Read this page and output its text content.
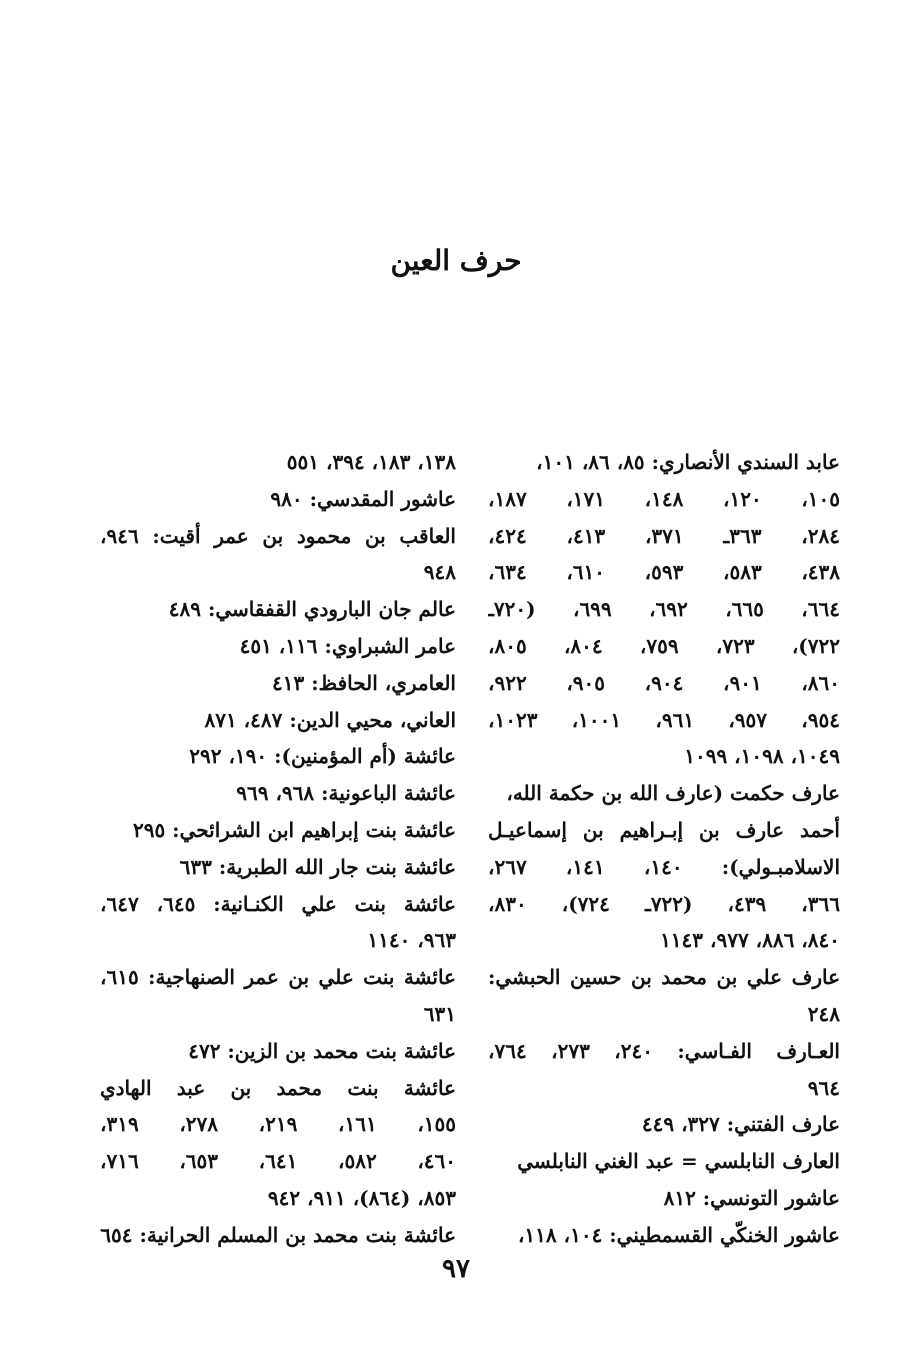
حرف العين
عابد السندي الأنصاري: ٨٥، ٨٦، ١٠١،
١٠٥، ١٢٠، ١٤٨، ١٧١، ١٨٧،
٢٨٤، ٣٦٣ـ ٣٧١، ٤١٣، ٤٢٤،
٤٣٨، ٥٨٣، ٥٩٣، ٦١٠، ٦٣٤،
٦٦٤، ٦٦٥، ٦٩٢، ٦٩٩، (٧٢٠ـ
٧٢٢)، ٧٢٣، ٧٥٩، ٨٠٤، ٨٠٥،
٨٦٠، ٩٠١، ٩٠٤، ٩٠٥، ٩٢٢،
٩٥٤، ٩٥٧، ٩٦١، ١٠٠١، ١٠٢٣،
١٠٤٩، ١٠٩٨، ١٠٩٩
عارف حكمت (عارف الله بن حكمة الله،
أحمد عارف بن إبـراهيم بن إسماعيـل
الاسلامبـولي): ١٤٠، ١٤١، ٢٦٧،
٣٦٦، ٤٣٩، (٧٢٢ـ ٧٢٤)، ٨٣٠،
٨٤٠، ٨٨٦، ٩٧٧، ١١٤٣
عارف علي بن محمد بن حسين الحبشي:
٢٤٨
العـارف الفـاسي: ٢٤٠، ٢٧٣، ٧٦٤،
٩٦٤
عارف الفتني: ٣٢٧، ٤٤٩
العارف النابلسي = عبد الغني النابلسي
عاشور التونسي: ٨١٢
عاشور الخنكّي القسمطيني: ١٠٤، ١١٨،
١٣٨، ١٨٣، ٣٩٤، ٥٥١
عاشور المقدسي: ٩٨٠
العاقب بن محمود بن عمر أقيت: ٩٤٦،
٩٤٨
عالم جان البارودي القفقاسي: ٤٨٩
عامر الشبراوي: ١١٦، ٤٥١
العامري، الحافظ: ٤١٣
العاني، محيي الدين: ٤٨٧، ٨٧١
عائشة (أم المؤمنين): ١٩٠، ٢٩٢
عائشة الباعونية: ٩٦٨، ٩٦٩
عائشة بنت إبراهيم ابن الشرائحي: ٢٩٥
عائشة بنت جار الله الطبرية: ٦٣٣
عائشة بنت علي الكنـانية: ٦٤٥، ٦٤٧،
٩٦٣، ١١٤٠
عائشة بنت علي بن عمر الصنهاجية: ٦١٥،
٦٣١
عائشة بنت محمد بن الزين: ٤٧٢
عائشة بنت محمد بن عبد الهادي
١٥٥، ١٦١، ٢١٩، ٢٧٨، ٣١٩،
٤٦٠، ٥٨٢، ٦٤١، ٦٥٣، ٧١٦،
٨٥٣، (٨٦٤)، ٩١١، ٩٤٢
عائشة بنت محمد بن المسلم الحرانية: ٦٥٤
٩٧
